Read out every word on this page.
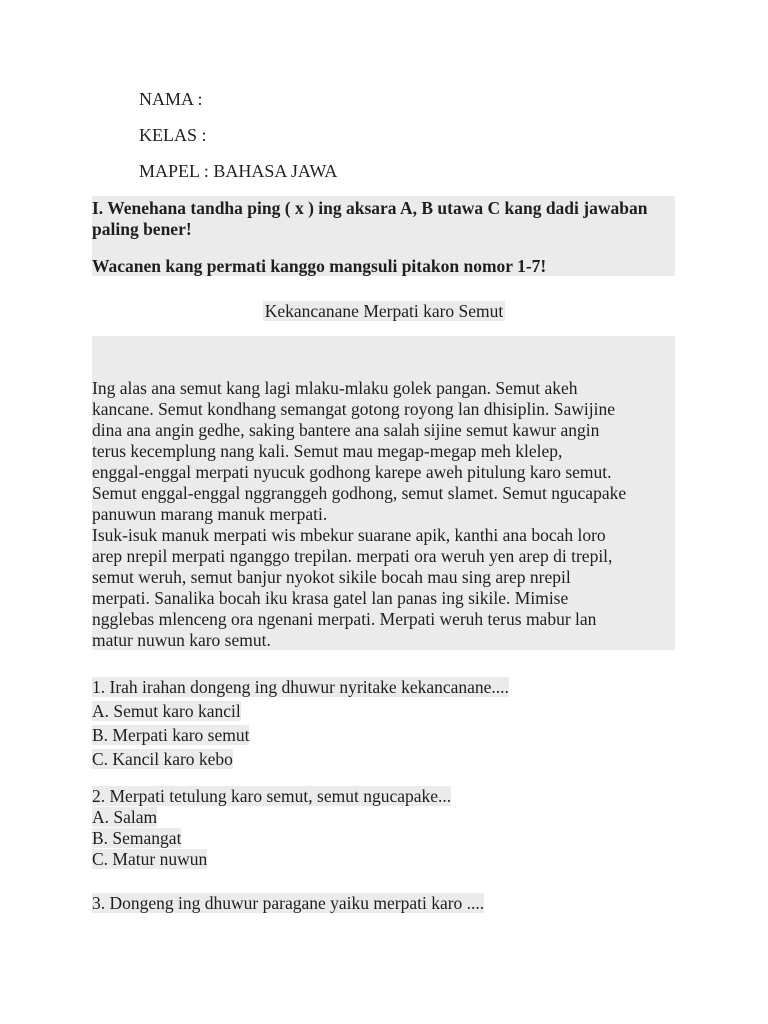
NAMA :
KELAS :
MAPEL : BAHASA JAWA
I. Wenehana tandha ping ( x ) ing aksara A, B utawa C kang dadi jawaban paling bener!
Wacanen kang permati kanggo mangsuli pitakon nomor 1-7!
Kekancanane Merpati karo Semut
Ing alas ana semut kang lagi mlaku-mlaku golek pangan. Semut akeh
kancane. Semut kondhang semangat gotong royong lan dhisiplin. Sawijine
dina ana angin gedhe, saking bantere ana salah sijine semut kawur angin
terus kecemplung nang kali. Semut mau megap-megap meh klelep,
enggal-enggal merpati nyucuk godhong karepe aweh pitulung karo semut.
Semut enggal-enggal nggranggeh godhong, semut slamet. Semut ngucapake
panuwun marang manuk merpati.
Isuk-isuk manuk merpati wis mbekur suarane apik, kanthi ana bocah loro
arep nrepil merpati nganggo trepilan. merpati ora weruh yen arep di trepil,
semut weruh, semut banjur nyokot sikile bocah mau sing arep nrepil
merpati. Sanalika bocah iku krasa gatel lan panas ing sikile. Mimise
ngglebas mlenceng ora ngenani merpati. Merpati weruh terus mabur lan
matur nuwun karo semut.
1. Irah irahan dongeng ing dhuwur nyritake kekancanane....
A. Semut karo kancil
B. Merpati karo semut
C. Kancil karo kebo
2. Merpati tetulung karo semut, semut ngucapake...
A. Salam
B. Semangat
C. Matur nuwun
3. Dongeng ing dhuwur paragane yaiku merpati karo ....
